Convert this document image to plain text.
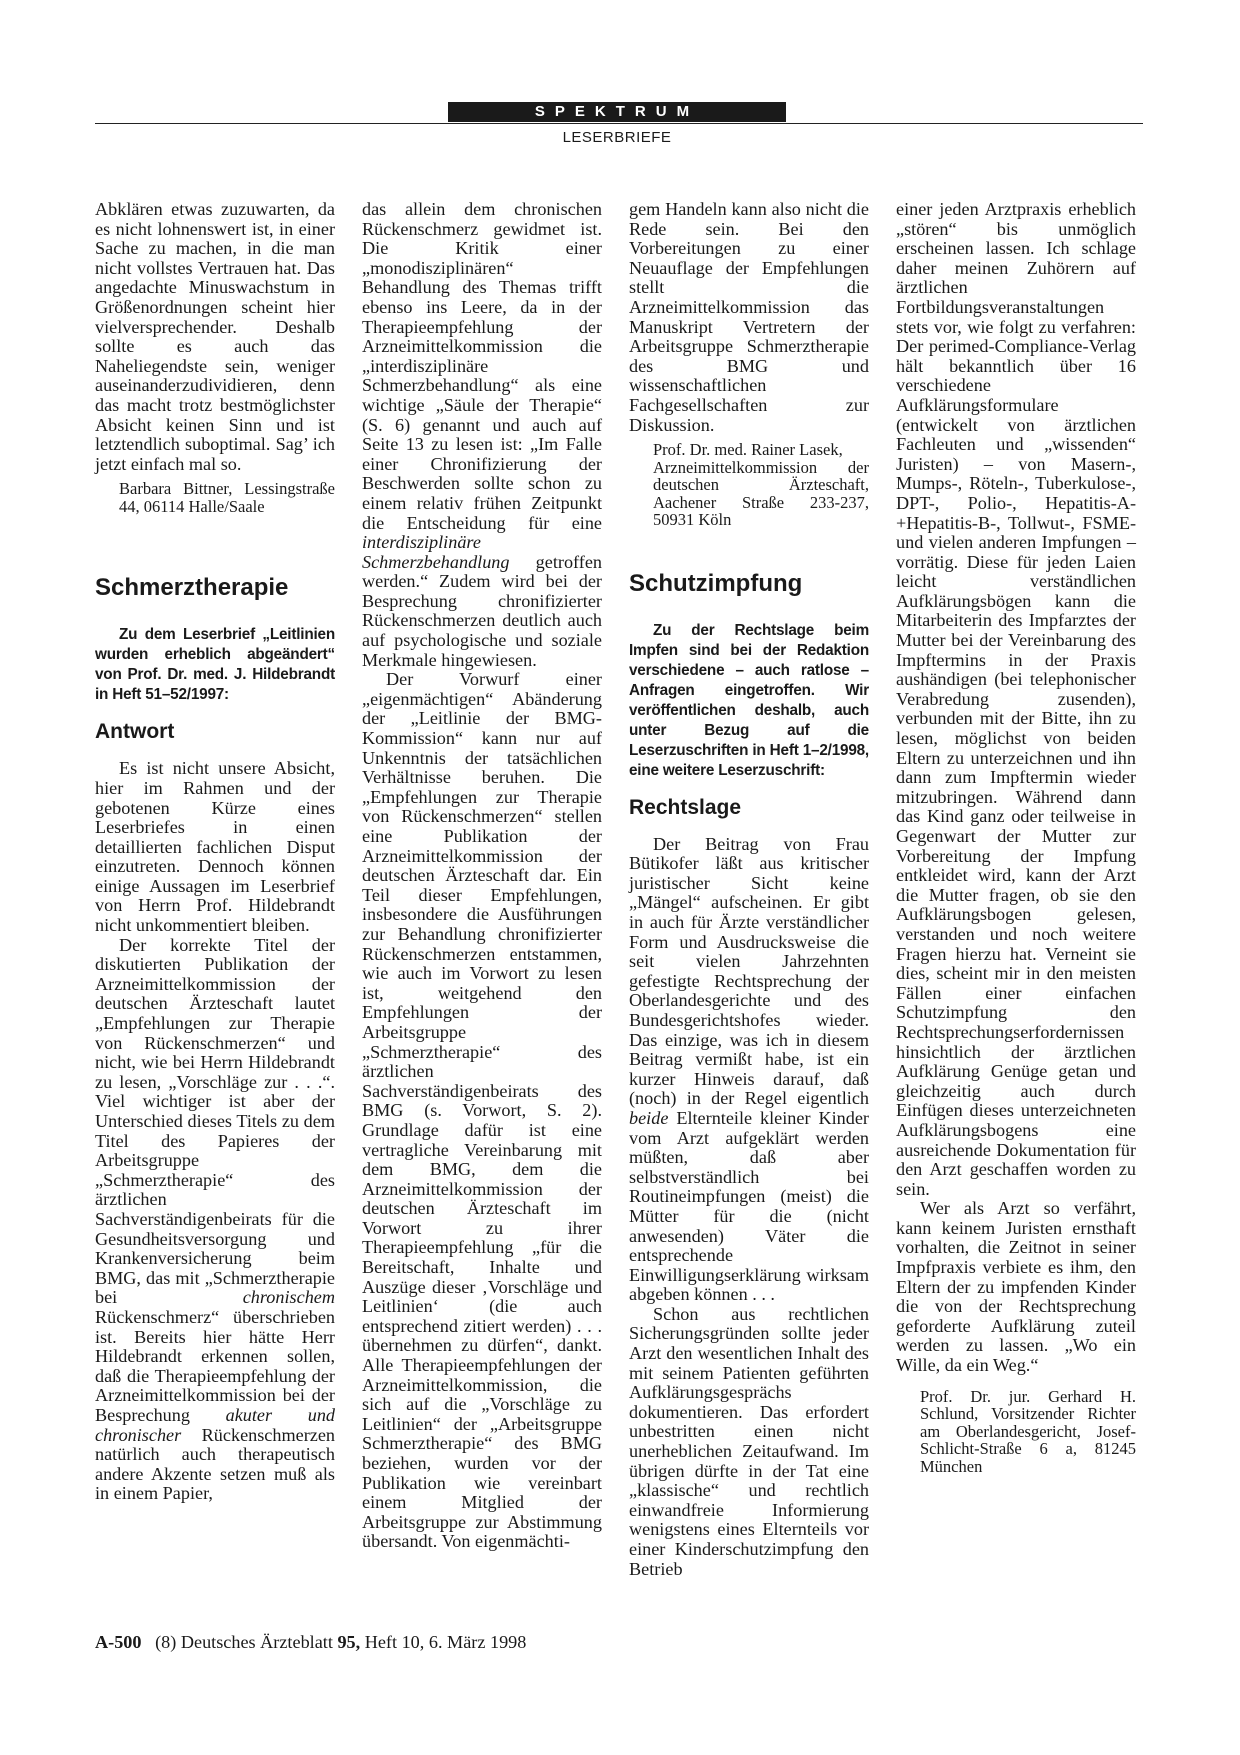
SPEKTRUM
LESERBRIEFE

Abklären etwas zuzuwarten, da es nicht lohnenswert ist, in einer Sache zu machen, in die man nicht vollstes Vertrauen hat. Das angedachte Minuswachstum in Größenordnungen scheint hier vielversprechender. Deshalb sollte es auch das Naheliegendste sein, weniger auseinanderzudividieren, denn das macht trotz bestmöglichster Absicht keinen Sinn und ist letztendlich suboptimal. Sag’ ich jetzt einfach mal so.

Barbara Bittner, Lessingstraße 44, 06114 Halle/Saale
Schmerztherapie

Zu dem Leserbrief „Leitlinien wurden erheblich abgeändert“ von Prof. Dr. med. J. Hildebrandt in Heft 51–52/1997:

Antwort

Es ist nicht unsere Absicht, hier im Rahmen und der gebotenen Kürze eines Leserbriefes in einen detaillierten fachlichen Disput einzutreten. Dennoch können einige Aussagen im Leserbrief von Herrn Prof. Hildebrandt nicht unkommentiert bleiben.

Der korrekte Titel der diskutierten Publikation der Arzneimittelkommission der deutschen Ärzteschaft lautet „Empfehlungen zur Therapie von Rückenschmerzen“ und nicht, wie bei Herrn Hildebrandt zu lesen, „Vorschläge zur . . .“. Viel wichtiger ist aber der Unterschied dieses Titels zu dem Titel des Papieres der Arbeitsgruppe „Schmerztherapie“ des ärztlichen Sachverständigenbeirats für die Gesundheitsversorgung und Krankenversicherung beim BMG, das mit „Schmerztherapie bei chronischem Rückenschmerz“ überschrieben ist. Bereits hier hätte Herr Hildebrandt erkennen sollen, daß die Therapieempfehlung der Arzneimittelkommission bei der Besprechung akuter und chronischer Rückenschmerzen natürlich auch therapeutisch andere Akzente setzen muß als in einem Papier,

das allein dem chronischen Rückenschmerz gewidmet ist. Die Kritik einer „monodisziplinären“ Behandlung des Themas trifft ebenso ins Leere, da in der Therapieempfehlung der Arzneimittelkommission die „interdisziplinäre Schmerzbehandlung“ als eine wichtige „Säule der Therapie“ (S. 6) genannt und auch auf Seite 13 zu lesen ist: „Im Falle einer Chronifizierung der Beschwerden sollte schon zu einem relativ frühen Zeitpunkt die Entscheidung für eine interdisziplinäre Schmerzbehandlung getroffen werden.“ Zudem wird bei der Besprechung chronifizierter Rückenschmerzen deutlich auch auf psychologische und soziale Merkmale hingewiesen.

Der Vorwurf einer „eigenmächtigen“ Abänderung der „Leitlinie der BMG-Kommission“ kann nur auf Unkenntnis der tatsächlichen Verhältnisse beruhen. Die „Empfehlungen zur Therapie von Rückenschmerzen“ stellen eine Publikation der Arzneimittelkommission der deutschen Ärzteschaft dar. Ein Teil dieser Empfehlungen, insbesondere die Ausführungen zur Behandlung chronifizierter Rückenschmerzen entstammen, wie auch im Vorwort zu lesen ist, weitgehend den Empfehlungen der Arbeitsgruppe „Schmerztherapie“ des ärztlichen Sachverständigenbeirats des BMG (s. Vorwort, S. 2). Grundlage dafür ist eine vertragliche Vereinbarung mit dem BMG, dem die Arzneimittelkommission der deutschen Ärzteschaft im Vorwort zu ihrer Therapieempfehlung „für die Bereitschaft, Inhalte und Auszüge dieser ‚Vorschläge und Leitlinien‘ (die auch entsprechend zitiert werden) . . . übernehmen zu dürfen“, dankt. Alle Therapieempfehlungen der Arzneimittelkommission, die sich auf die „Vorschläge zu Leitlinien“ der „Arbeitsgruppe Schmerztherapie“ des BMG beziehen, wurden vor der Publikation wie vereinbart einem Mitglied der Arbeitsgruppe zur Abstimmung übersandt. Von eigenmächti-

gem Handeln kann also nicht die Rede sein. Bei den Vorbereitungen zu einer Neuauflage der Empfehlungen stellt die Arzneimittelkommission das Manuskript Vertretern der Arbeitsgruppe Schmerztherapie des BMG und wissenschaftlichen Fachgesellschaften zur Diskussion.

Prof. Dr. med. Rainer Lasek,
Arzneimittelkommission der deutschen Ärzteschaft, Aachener Straße 233-237, 50931 Köln
Schutzimpfung

Zu der Rechtslage beim Impfen sind bei der Redaktion verschiedene – auch ratlose – Anfragen eingetroffen. Wir veröffentlichen deshalb, auch unter Bezug auf die Leserzuschriften in Heft 1–2/1998, eine weitere Leserzuschrift:

Rechtslage

Der Beitrag von Frau Bütikofer läßt aus kritischer juristischer Sicht keine „Mängel“ aufscheinen. Er gibt in auch für Ärzte verständlicher Form und Ausdrucksweise die seit vielen Jahrzehnten gefestigte Rechtsprechung der Oberlandesgerichte und des Bundesgerichtshofes wieder. Das einzige, was ich in diesem Beitrag vermißt habe, ist ein kurzer Hinweis darauf, daß (noch) in der Regel eigentlich beide Elternteile kleiner Kinder vom Arzt aufgeklärt werden müßten, daß aber selbstverständlich bei Routineimpfungen (meist) die Mütter für die (nicht anwesenden) Väter die entsprechende Einwilligungserklärung wirksam abgeben können . . .

Schon aus rechtlichen Sicherungsgründen sollte jeder Arzt den wesentlichen Inhalt des mit seinem Patienten geführten Aufklärungsgesprächs dokumentieren. Das erfordert unbestritten einen nicht unerheblichen Zeitaufwand. Im übrigen dürfte in der Tat eine „klassische“ und rechtlich einwandfreie Informierung wenigstens eines Elternteils vor einer Kinderschutzimpfung den Betrieb

einer jeden Arztpraxis erheblich „stören“ bis unmöglich erscheinen lassen. Ich schlage daher meinen Zuhörern auf ärztlichen Fortbildungsveranstaltungen stets vor, wie folgt zu verfahren: Der perimed-Compliance-Verlag hält bekanntlich über 16 verschiedene Aufklärungsformulare (entwickelt von ärztlichen Fachleuten und „wissenden“ Juristen) – von Masern-, Mumps-, Röteln-, Tuberkulose-, DPT-, Polio-, Hepatitis-A-+Hepatitis-B-, Tollwut-, FSME- und vielen anderen Impfungen – vorrätig. Diese für jeden Laien leicht verständlichen Aufklärungsbögen kann die Mitarbeiterin des Impfarztes der Mutter bei der Vereinbarung des Impftermins in der Praxis aushändigen (bei telephonischer Verabredung zusenden), verbunden mit der Bitte, ihn zu lesen, möglichst von beiden Eltern zu unterzeichnen und ihn dann zum Impftermin wieder mitzubringen. Während dann das Kind ganz oder teilweise in Gegenwart der Mutter zur Vorbereitung der Impfung entkleidet wird, kann der Arzt die Mutter fragen, ob sie den Aufklärungsbogen gelesen, verstanden und noch weitere Fragen hierzu hat. Verneint sie dies, scheint mir in den meisten Fällen einer einfachen Schutzimpfung den Rechtsprechungserfordernissen hinsichtlich der ärztlichen Aufklärung Genüge getan und gleichzeitig auch durch Einfügen dieses unterzeichneten Aufklärungsbogens eine ausreichende Dokumentation für den Arzt geschaffen worden zu sein.

Wer als Arzt so verfährt, kann keinem Juristen ernsthaft vorhalten, die Zeitnot in seiner Impfpraxis verbiete es ihm, den Eltern der zu impfenden Kinder die von der Rechtsprechung geforderte Aufklärung zuteil werden zu lassen. „Wo ein Wille, da ein Weg.“

Prof. Dr. jur. Gerhard H. Schlund, Vorsitzender Richter am Oberlandesgericht, Josef-Schlicht-Straße 6 a, 81245 München
A-500 (8) Deutsches Ärzteblatt 95, Heft 10, 6. März 1998
